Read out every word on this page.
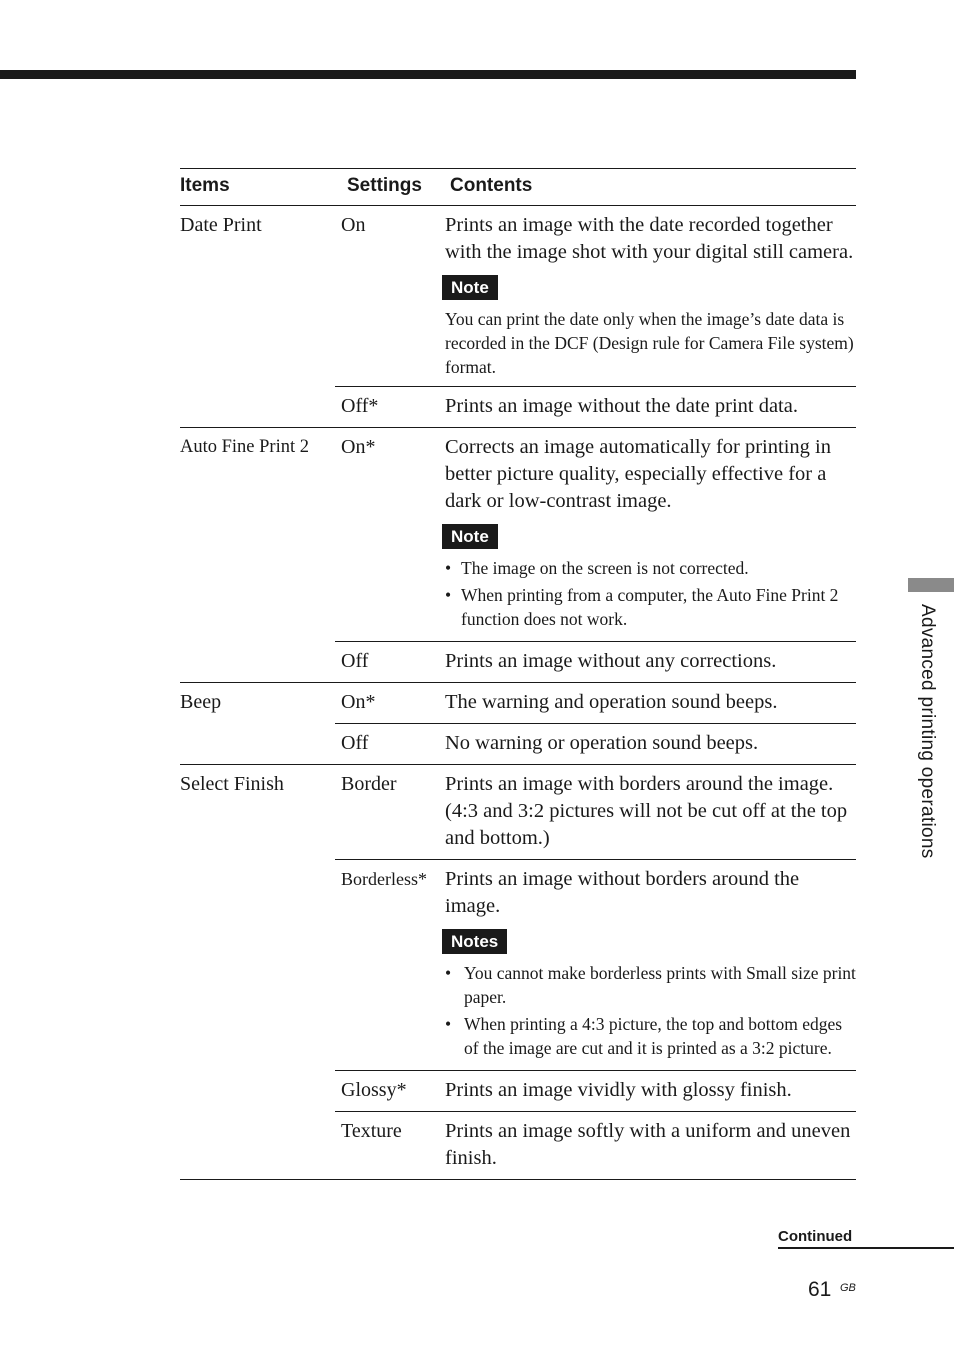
Advanced printing operations
Items	Settings Contents
Date Print	On	Prints an image with the date recorded together with the image shot with your digital still camera.
Note
You can print the date only when the image’s date data is recorded in the DCF (Design rule for Camera File system) format.
Off*	Prints an image without the date print data.
Auto Fine Print 2	On*	Corrects an image automatically for printing in better picture quality, especially effective for a dark or low-contrast image.
Note
• The image on the screen is not corrected.
• When printing from a computer, the Auto Fine Print 2 function does not work.
Off	Prints an image without any corrections.
Beep	On*	The warning and operation sound beeps.
Off	No warning or operation sound beeps.
Select Finish	Border	Prints an image with borders around the image. (4:3 and 3:2 pictures will not be cut off at the top and bottom.)
Borderless* Prints an image without borders around the image.
Notes
• You cannot make borderless prints with Small size print paper.
• When printing a 4:3 picture, the top and bottom edges of the image are cut and it is printed as a 3:2 picture.
Glossy*	Prints an image vividly with glossy finish.
Texture	Prints an image softly with a uniform and uneven finish.
Continued
61 GB
